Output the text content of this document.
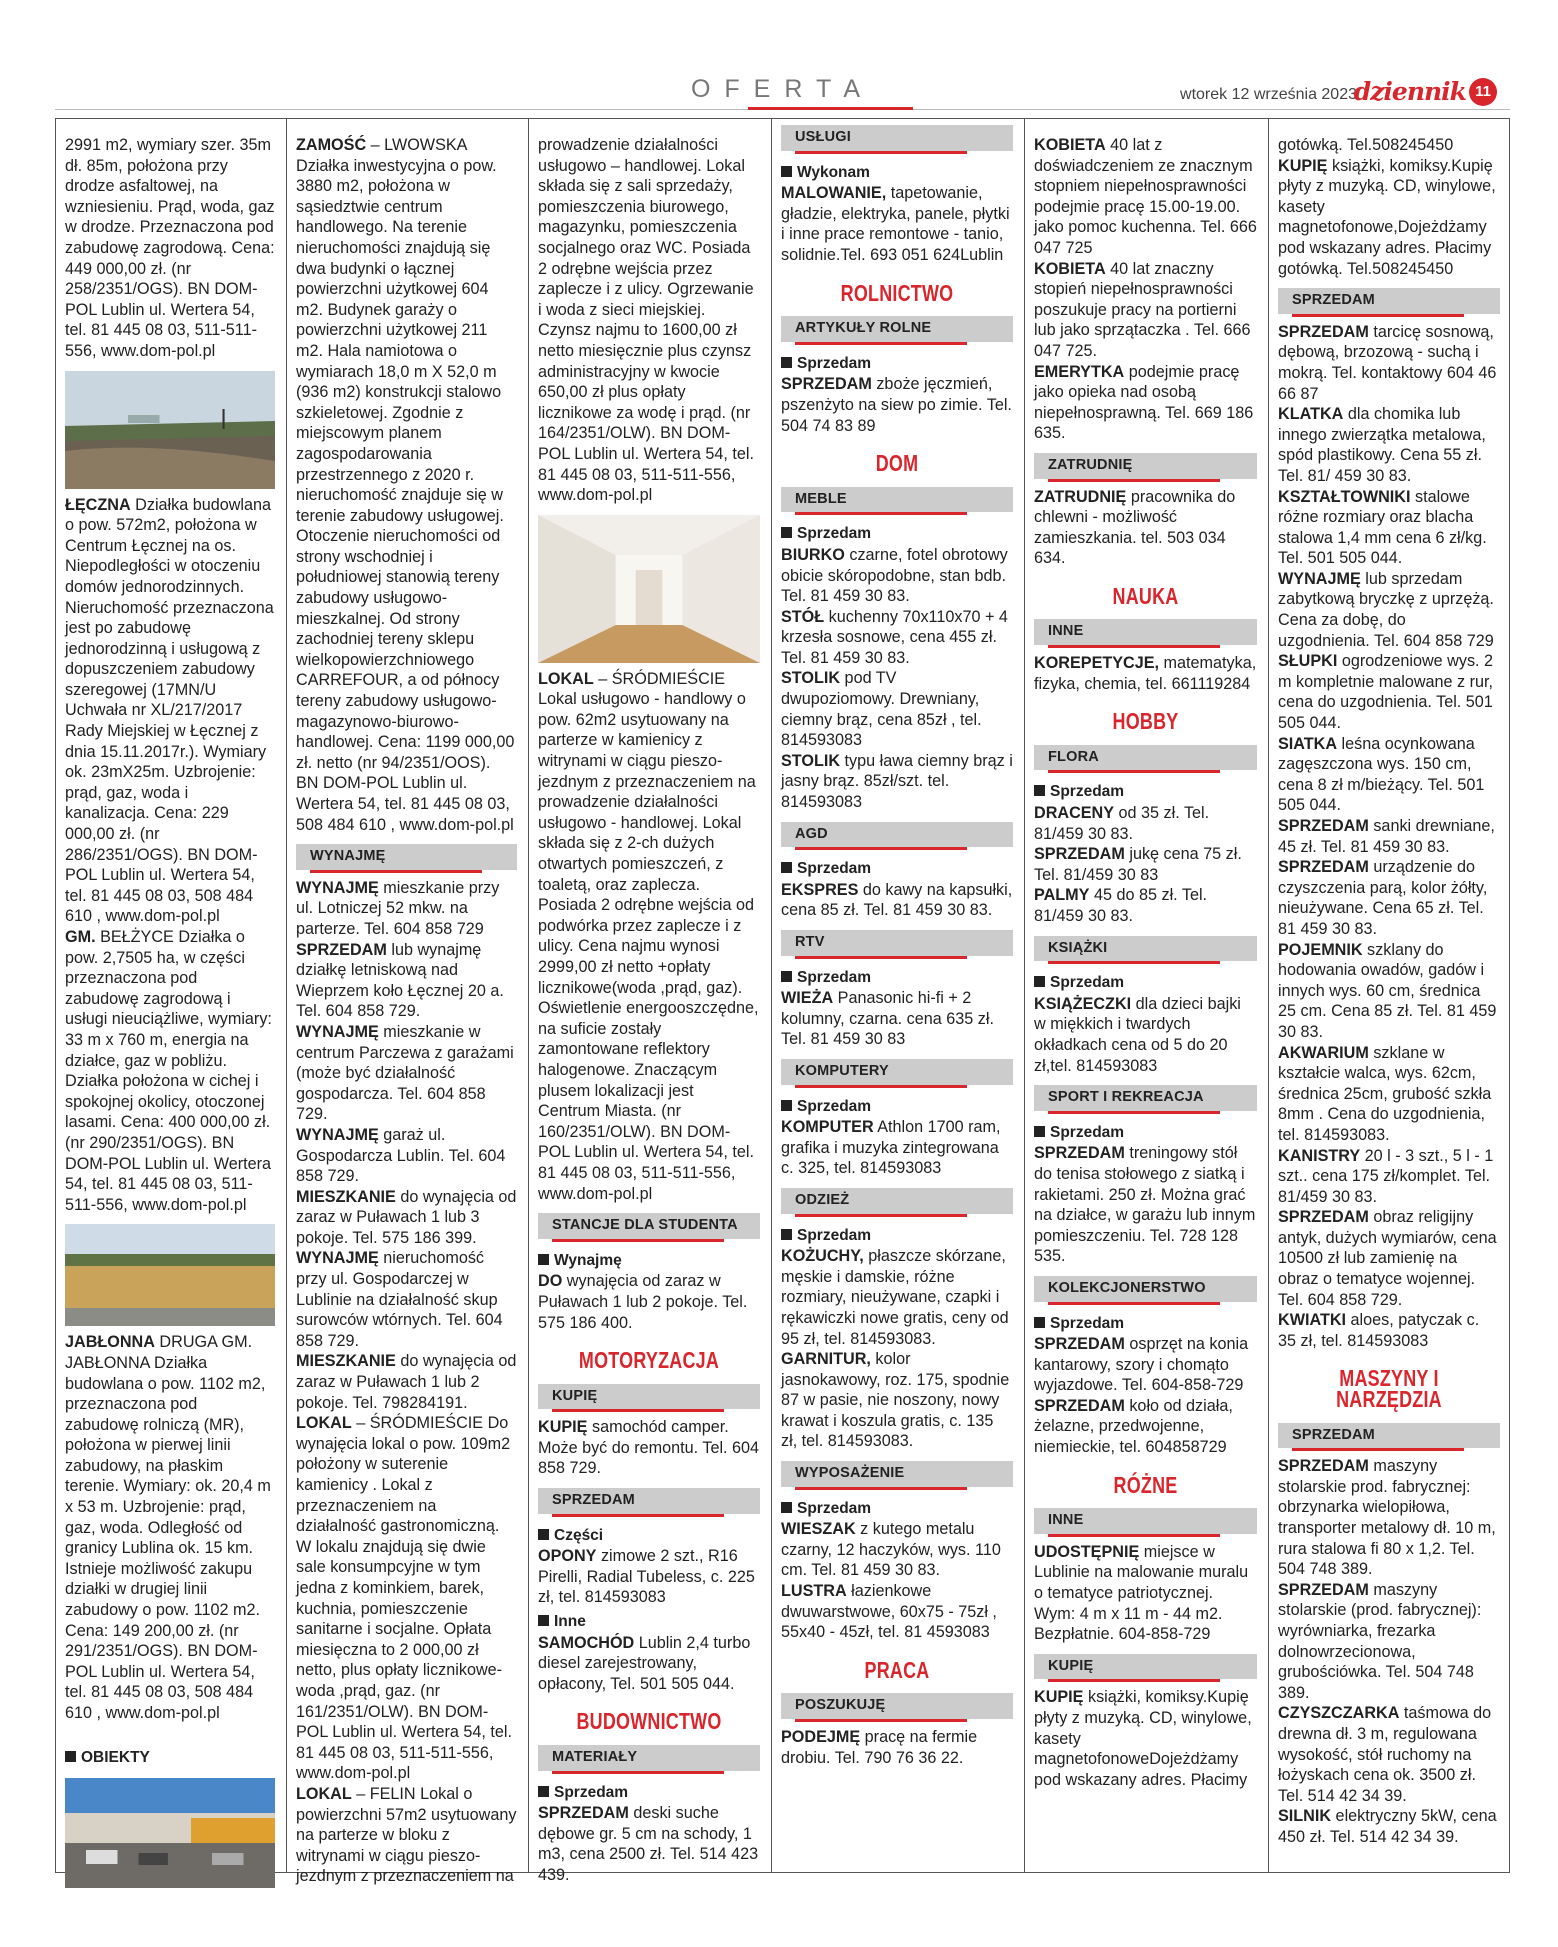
OFERTA	wtorek 12 września 2023
dziennik 11

2991 m2, wymiary szer. 35m dł. 85m, położona przy drodze asfaltowej, na wzniesieniu. Prąd, woda, gaz w drodze. Przeznaczona pod zabudowę zagrodową. Cena: 449 000,00 zł. (nr 258/2351/OGS). BN DOM-POL Lublin ul. Wertera 54, tel. 81 445 08 03, 511-511-556, www.dom-pol.pl

ŁĘCZNA Działka budowlana o pow. 572m2, położona w Centrum Łęcznej na os. Niepodległości w otoczeniu domów jednorodzinnych. Nieruchomość przeznaczona jest po zabudowę jednorodzinną i usługową z dopuszczeniem zabudowy szeregowej (17MN/U Uchwała nr XL/217/2017 Rady Miejskiej w Łęcznej z dnia 15.11.2017r.). Wymiary ok. 23mX25m. Uzbrojenie: prąd, gaz, woda i kanalizacja. Cena: 229 000,00 zł. (nr 286/2351/OGS). BN DOM-POL Lublin ul. Wertera 54, tel. 81 445 08 03, 508 484 610 , www.dom-pol.pl

GM. BEŁŻYCE Działka o pow. 2,7505 ha, w części przeznaczona pod zabudowę zagrodową i usługi nieuciążliwe, wymiary: 33 m x 760 m, energia na działce, gaz w pobliżu. Działka położona w cichej i spokojnej okolicy, otoczonej lasami. Cena: 400 000,00 zł. (nr 290/2351/OGS). BN DOM-POL Lublin ul. Wertera 54, tel. 81 445 08 03, 511-511-556, www.dom-pol.pl

JABŁONNA DRUGA GM. JABŁONNA Działka budowlana o pow. 1102 m2, przeznaczona pod zabudowę rolniczą (MR), położona w pierwej linii zabudowy, na płaskim terenie. Wymiary: ok. 20,4 m x 53 m. Uzbrojenie: prąd, gaz, woda. Odległość od granicy Lublina ok. 15 km. Istnieje możliwość zakupu działki w drugiej linii zabudowy o pow. 1102 m2. Cena: 149 200,00 zł. (nr 291/2351/OGS). BN DOM-POL Lublin ul. Wertera 54, tel. 81 445 08 03, 508 484 610 , www.dom-pol.pl

OBIEKTY

ZAMOŚĆ – LWOWSKA Działka inwestycyjna o pow. 3880 m2, położona w sąsiedztwie centrum handlowego. Na terenie nieruchomości znajdują się dwa budynki o łącznej powierzchni użytkowej 604 m2. Budynek garaży o powierzchni użytkowej 211 m2. Hala namiotowa o wymiarach 18,0 m X 52,0 m (936 m2) konstrukcji stalowo szkieletowej. Zgodnie z miejscowym planem zagospodarowania przestrzennego z 2020 r. nieruchomość znajduje się w terenie zabudowy usługowej. Otoczenie nieruchomości od strony wschodniej i południowej stanowią tereny zabudowy usługowo-mieszkalnej. Od strony zachodniej tereny sklepu wielkopowierzchniowego CARREFOUR, a od północy tereny zabudowy usługowo-magazynowo-biurowo-handlowej. Cena: 1199 000,00 zł. netto (nr 94/2351/OOS). BN DOM-POL Lublin ul. Wertera 54, tel. 81 445 08 03, 508 484 610 , www.dom-pol.pl

WYNAJMĘ

WYNAJMĘ mieszkanie przy ul. Lotniczej 52 mkw. na parterze. Tel. 604 858 729

SPRZEDAM lub wynajmę działkę letniskową nad Wieprzem koło Łęcznej 20 a. Tel. 604 858 729.

WYNAJMĘ mieszkanie w centrum Parczewa z garażami (może być działalność gospodarcza. Tel. 604 858 729.

WYNAJMĘ garaż ul. Gospodarcza Lublin. Tel. 604 858 729.

MIESZKANIE do wynajęcia od zaraz w Puławach 1 lub 3 pokoje. Tel. 575 186 399.

WYNAJMĘ nieruchomość przy ul. Gospodarczej w Lublinie na działalność skup surowców wtórnych. Tel. 604 858 729.

MIESZKANIE do wynajęcia od zaraz w Puławach 1 lub 2 pokoje. Tel. 798284191.

LOKAL – ŚRÓDMIEŚCIE Do wynajęcia lokal o pow. 109m2 położony w suterenie kamienicy . Lokal z przeznaczeniem na działalność gastronomiczną. W lokalu znajdują się dwie sale konsumpcyjne w tym jedna z kominkiem, barek, kuchnia, pomieszczenie sanitarne i socjalne. Opłata miesięczna to 2 000,00 zł netto, plus opłaty licznikowe-woda ,prąd, gaz. (nr 161/2351/OLW). BN DOM-POL Lublin ul. Wertera 54, tel. 81 445 08 03, 511-511-556, www.dom-pol.pl

LOKAL – FELIN Lokal o powierzchni 57m2 usytuowany na parterze w bloku z witrynami w ciągu pieszo-jezdnym z przeznaczeniem na

prowadzenie działalności usługowo – handlowej. Lokal składa się z sali sprzedaży, pomieszczenia biurowego, magazynku, pomieszczenia socjalnego oraz WC. Posiada 2 odrębne wejścia przez zaplecze i z ulicy. Ogrzewanie i woda z sieci miejskiej. Czynsz najmu to 1600,00 zł netto miesięcznie plus czynsz administracyjny w kwocie 650,00 zł plus opłaty licznikowe za wodę i prąd. (nr 164/2351/OLW). BN DOM-POL Lublin ul. Wertera 54, tel. 81 445 08 03, 511-511-556, www.dom-pol.pl

LOKAL – ŚRÓDMIEŚCIE Lokal usługowo - handlowy o pow. 62m2 usytuowany na parterze w kamienicy z witrynami w ciągu pieszo-jezdnym z przeznaczeniem na prowadzenie działalności usługowo - handlowej. Lokal składa się z 2-ch dużych otwartych pomieszczeń, z toaletą, oraz zaplecza. Posiada 2 odrębne wejścia od podwórka przez zaplecze i z ulicy. Cena najmu wynosi 2999,00 zł netto +opłaty licznikowe(woda ,prąd, gaz). Oświetlenie energooszczędne, na suficie zostały zamontowane reflektory halogenowe. Znaczącym plusem lokalizacji jest Centrum Miasta. (nr 160/2351/OLW). BN DOM-POL Lublin ul. Wertera 54, tel. 81 445 08 03, 511-511-556, www.dom-pol.pl

STANCJE DLA STUDENTA
Wynajmę

DO wynajęcia od zaraz w Puławach 1 lub 2 pokoje. Tel. 575 186 400.

MOTORYZACJA
KUPIĘ

KUPIĘ samochód camper. Może być do remontu. Tel. 604 858 729.

SPRZEDAM
Części

OPONY zimowe 2 szt., R16 Pirelli, Radial Tubeless, c. 225 zł, tel. 814593083

Inne

SAMOCHÓD Lublin 2,4 turbo diesel zarejestrowany, opłacony, Tel. 501 505 044.

BUDOWNICTWO
MATERIAŁY
Sprzedam

SPRZEDAM deski suche dębowe gr. 5 cm na schody, 1 m3, cena 2500 zł. Tel. 514 423 439.

USŁUGI
Wykonam

MALOWANIE, tapetowanie, gładzie, elektryka, panele, płytki i inne prace remontowe - tanio, solidnie.Tel. 693 051 624Lublin

ROLNICTWO
ARTYKUŁY ROLNE
Sprzedam

SPRZEDAM zboże jęczmień, pszenżyto na siew po zimie. Tel. 504 74 83 89

DOM
MEBLE
Sprzedam

BIURKO czarne, fotel obrotowy obicie skóropodobne, stan bdb. Tel. 81 459 30 83.

STÓŁ kuchenny 70x110x70 + 4 krzesła sosnowe, cena 455 zł. Tel. 81 459 30 83.

STOLIK pod TV dwupoziomowy. Drewniany, ciemny brąz, cena 85zł , tel. 814593083

STOLIK typu ława ciemny brąz i jasny brąz. 85zł/szt. tel. 814593083

AGD
Sprzedam

EKSPRES do kawy na kapsułki, cena 85 zł. Tel. 81 459 30 83.

RTV
Sprzedam

WIEŻA Panasonic hi-fi + 2 kolumny, czarna. cena 635 zł. Tel. 81 459 30 83

KOMPUTERY
Sprzedam

KOMPUTER Athlon 1700 ram, grafika i muzyka zintegrowana c. 325, tel. 814593083

ODZIEŻ
Sprzedam

KOŻUCHY, płaszcze skórzane, męskie i damskie, różne rozmiary, nieużywane, czapki i rękawiczki nowe gratis, ceny od 95 zł, tel. 814593083.

GARNITUR, kolor jasnokawowy, roz. 175, spodnie 87 w pasie, nie noszony, nowy krawat i koszula gratis, c. 135 zł, tel. 814593083.

WYPOSAŻENIE
Sprzedam

WIESZAK z kutego metalu czarny, 12 haczyków, wys. 110 cm. Tel. 81 459 30 83.

LUSTRA łazienkowe dwuwarstwowe, 60x75 - 75zł , 55x40 - 45zł, tel. 81 4593083

PRACA
POSZUKUJĘ

PODEJMĘ pracę na fermie drobiu. Tel. 790 76 36 22.

KOBIETA 40 lat z doświadczeniem ze znacznym stopniem niepełnosprawności podejmie pracę 15.00-19.00. jako pomoc kuchenna. Tel. 666 047 725

KOBIETA 40 lat znaczny stopień niepełnosprawności poszukuje pracy na portierni lub jako sprzątaczka . Tel. 666 047 725.

EMERYTKA podejmie pracę jako opieka nad osobą niepełnosprawną. Tel. 669 186 635.

ZATRUDNIĘ

ZATRUDNIĘ pracownika do chlewni - możliwość zamieszkania. tel. 503 034 634.

NAUKA
INNE

KOREPETYCJE, matematyka, fizyka, chemia, tel. 661119284

HOBBY
FLORA
Sprzedam

DRACENY od 35 zł. Tel. 81/459 30 83.

SPRZEDAM jukę cena 75 zł. Tel. 81/459 30 83

PALMY 45 do 85 zł. Tel. 81/459 30 83.

KSIĄŻKI
Sprzedam

KSIĄŻECZKI dla dzieci bajki w miękkich i twardych okładkach cena od 5 do 20 zł,tel. 814593083

SPORT I REKREACJA
Sprzedam

SPRZEDAM treningowy stół do tenisa stołowego z siatką i rakietami. 250 zł. Można grać na działce, w garażu lub innym pomieszczeniu. Tel. 728 128 535.

KOLEKCJONERSTWO
Sprzedam

SPRZEDAM osprzęt na konia kantarowy, szory i chomąto wyjazdowe. Tel. 604-858-729

SPRZEDAM koło od działa, żelazne, przedwojenne, niemieckie, tel. 604858729

RÓŻNE
INNE

UDOSTĘPNIĘ miejsce w Lublinie na malowanie muralu o tematyce patriotycznej. Wym: 4 m x 11 m - 44 m2. Bezpłatnie. 604-858-729

KUPIĘ

KUPIĘ książki, komiksy.Kupię płyty z muzyką. CD, winylowe, kasety magnetofonoweDojeżdżamy pod wskazany adres. Płacimy

gotówką. Tel.508245450

KUPIĘ książki, komiksy.Kupię płyty z muzyką. CD, winylowe, kasety magnetofonowe,Dojeżdżamy pod wskazany adres. Płacimy gotówką. Tel.508245450

SPRZEDAM

SPRZEDAM tarcicę sosnową, dębową, brzozową - suchą i mokrą. Tel. kontaktowy 604 46 66 87

KLATKA dla chomika lub innego zwierzątka metalowa, spód plastikowy. Cena 55 zł. Tel. 81/ 459 30 83.

KSZTAŁTOWNIKI stalowe różne rozmiary oraz blacha stalowa 1,4 mm cena 6 zł/kg. Tel. 501 505 044.

WYNAJMĘ lub sprzedam zabytkową bryczkę z uprzężą. Cena za dobę, do uzgodnienia. Tel. 604 858 729

SŁUPKI ogrodzeniowe wys. 2 m kompletnie malowane z rur, cena do uzgodnienia. Tel. 501 505 044.

SIATKA leśna ocynkowana zagęszczona wys. 150 cm, cena 8 zł m/bieżący. Tel. 501 505 044.

SPRZEDAM sanki drewniane, 45 zł. Tel. 81 459 30 83.

SPRZEDAM urządzenie do czyszczenia parą, kolor żółty, nieużywane. Cena 65 zł. Tel. 81 459 30 83.

POJEMNIK szklany do hodowania owadów, gadów i innych wys. 60 cm, średnica 25 cm. Cena 85 zł. Tel. 81 459 30 83.

AKWARIUM szklane w kształcie walca, wys. 62cm, średnica 25cm, grubość szkła 8mm . Cena do uzgodnienia, tel. 814593083.

KANISTRY 20 l - 3 szt., 5 l - 1 szt.. cena 175 zł/komplet. Tel. 81/459 30 83.

SPRZEDAM obraz religijny antyk, dużych wymiarów, cena 10500 zł lub zamienię na obraz o tematyce wojennej. Tel. 604 858 729.

KWIATKI aloes, patyczak c. 35 zł, tel. 814593083

MASZYNY I NARZĘDZIA
SPRZEDAM

SPRZEDAM maszyny stolarskie prod. fabrycznej: obrzynarka wielopiłowa, transporter metalowy dł. 10 m, rura stalowa fi 80 x 1,2. Tel. 504 748 389.

SPRZEDAM maszyny stolarskie (prod. fabrycznej): wyrówniarka, frezarka dolnowrzecionowa, grubościówka. Tel. 504 748 389.

CZYSZCZARKA taśmowa do drewna dł. 3 m, regulowana wysokość, stół ruchomy na łożyskach cena ok. 3500 zł. Tel. 514 42 34 39.

SILNIK elektryczny 5kW, cena 450 zł. Tel. 514 42 34 39.
